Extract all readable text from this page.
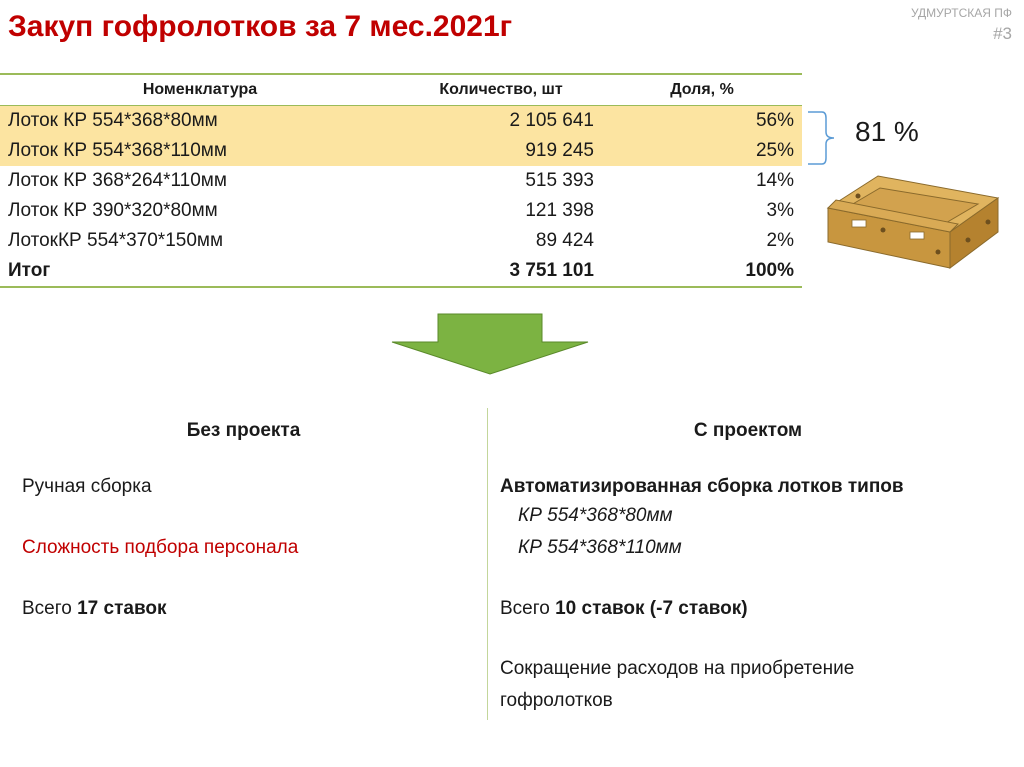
Закуп гофролотков за 7 мес.2021г	УДМУРТСКАЯ ПФ
#3
Номенклатура	Количество, шт	Доля, %
Лоток КР 554*368*80мм	2 105 641	56%
Лоток КР 554*368*110мм	919 245	25%
Лоток КР 368*264*110мм	515 393	14%
Лоток КР 390*320*80мм	121 398	3%
ЛотокКР 554*370*150мм	89 424	2%
Итог	3 751 101	100%
81 %
Без проекта	С проектом
Ручная сборка
Сложность подбора персонала
Всего 17 ставок
Автоматизированная сборка лотков типов
КР 554*368*80мм
КР 554*368*110мм
Всего 10 ставок (-7 ставок)
Сокращение расходов на приобретение
гофролотков
